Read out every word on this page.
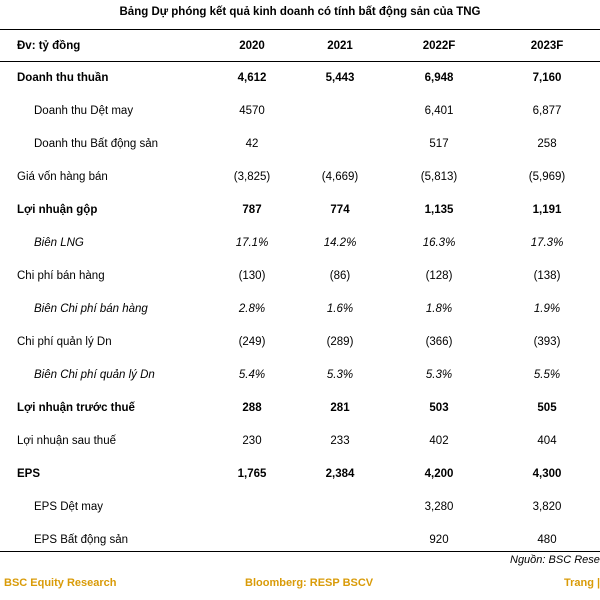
Bảng Dự phóng kết quả kinh doanh có tính bất động sản của TNG
Đv: tỷ đồng	2020	2021	2022F	2023F
Doanh thu thuần	4,612	5,443	6,948	7,160
Doanh thu Dệt may	4570		6,401	6,877
Doanh thu Bất động sản	42		517	258
Giá vốn hàng bán	(3,825)	(4,669)	(5,813)	(5,969)
Lợi nhuận gộp	787	774	1,135	1,191
Biên LNG	17.1%	14.2%	16.3%	17.3%
Chi phí bán hàng	(130)	(86)	(128)	(138)
Biên Chi phí bán hàng	2.8%	1.6%	1.8%	1.9%
Chi phí quản lý Dn	(249)	(289)	(366)	(393)
Biên Chi phí quản lý Dn	5.4%	5.3%	5.3%	5.5%
Lợi nhuận trước thuế	288	281	503	505
Lợi nhuận sau thuế	230	233	402	404
EPS	1,765	2,384	4,200	4,300
EPS Dệt may			3,280	3,820
EPS Bất động sản			920	480
Nguồn: BSC Rese
BSC Equity Research	Bloomberg: RESP BSCV	Trang |
